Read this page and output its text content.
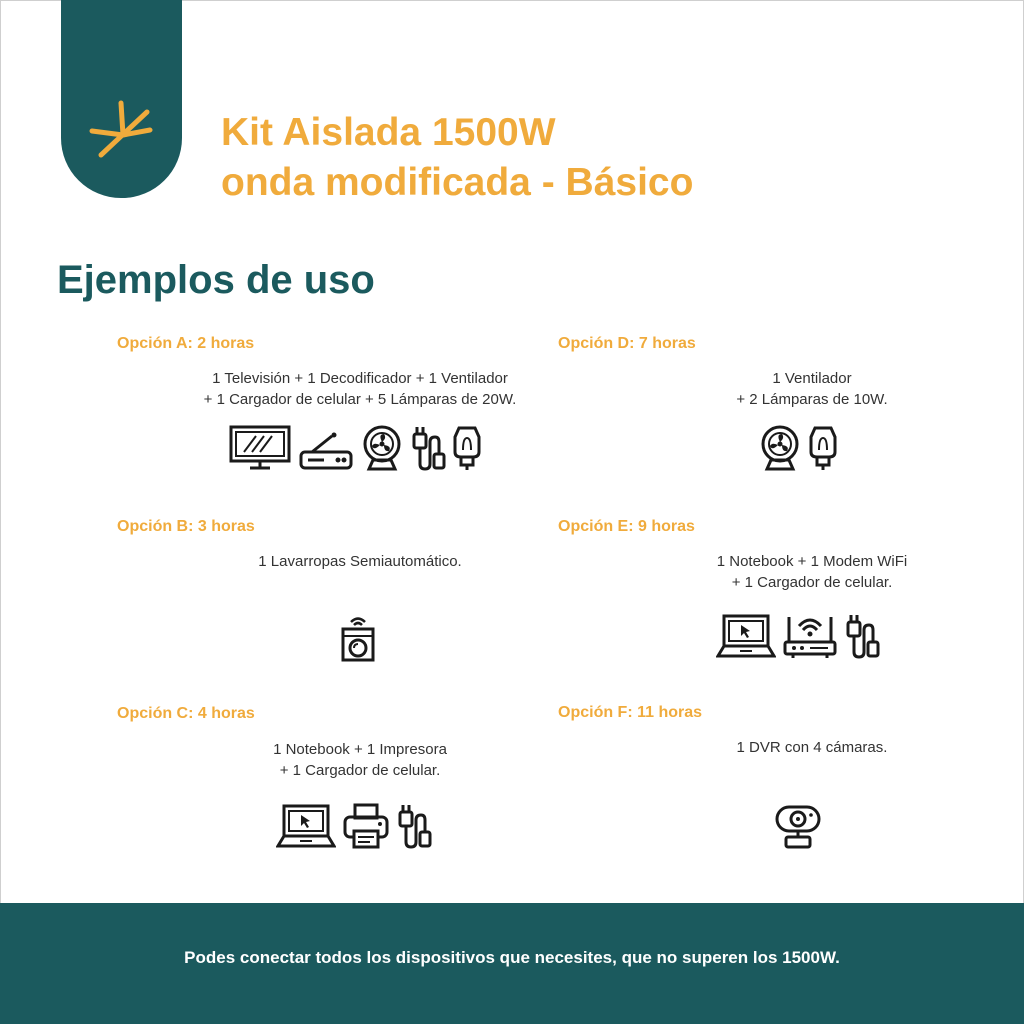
Kit Aislada 1500W
onda modificada - Básico
Ejemplos de uso
Opción A: 2 horas
1 Televisión + 1 Decodificador + 1 Ventilador
+ 1 Cargador de celular + 5 Lámparas de 20W.
Opción B: 3 horas
1 Lavarropas Semiautomático.
Opción C: 4 horas
1 Notebook + 1 Impresora
+ 1 Cargador de celular.
Opción D: 7 horas
1 Ventilador
+ 2 Lámparas de 10W.
Opción E: 9 horas
1 Notebook + 1 Modem WiFi
+ 1 Cargador de celular.
Opción F: 11 horas
1 DVR con 4 cámaras.
Podes conectar todos los dispositivos que necesites, que no superen los 1500W.
